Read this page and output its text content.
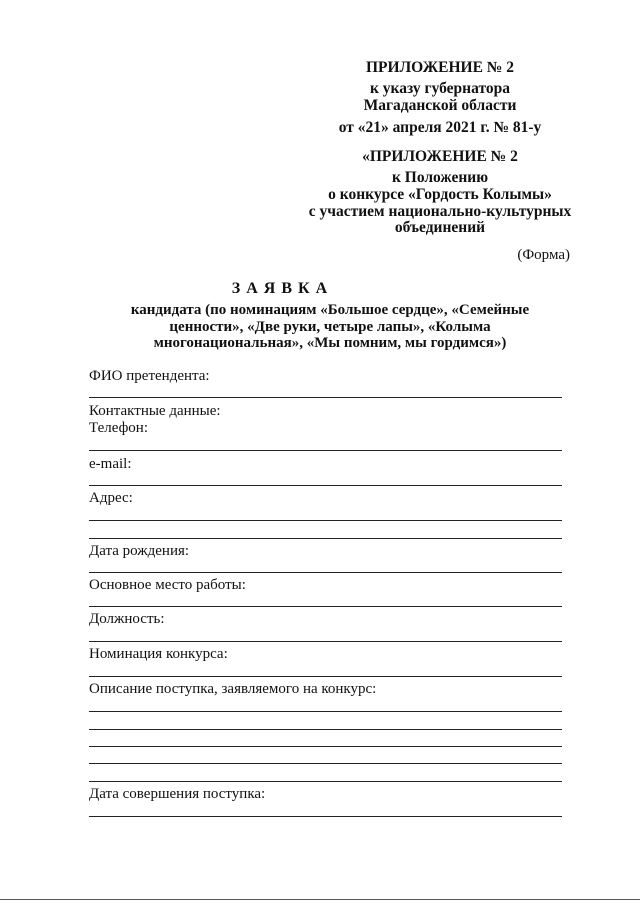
ПРИЛОЖЕНИЕ № 2
к указу губернатора
Магаданской области
от «21» апреля 2021 г. № 81-у
«ПРИЛОЖЕНИЕ № 2
к Положению
о конкурсе «Гордость Колымы»
с участием национально-культурных
объединений
(Форма)
З А Я В К А
кандидата (по номинациям «Большое сердце», «Семейные
ценности», «Две руки, четыре лапы», «Колыма
многонациональная», «Мы помним, мы гордимся»)
ФИО претендента:
Контактные данные:
Телефон:
e-mail:
Адрес:
Дата рождения:
Основное место работы:
Должность:
Номинация конкурса:
Описание поступка, заявляемого на конкурс:
Дата совершения поступка:
